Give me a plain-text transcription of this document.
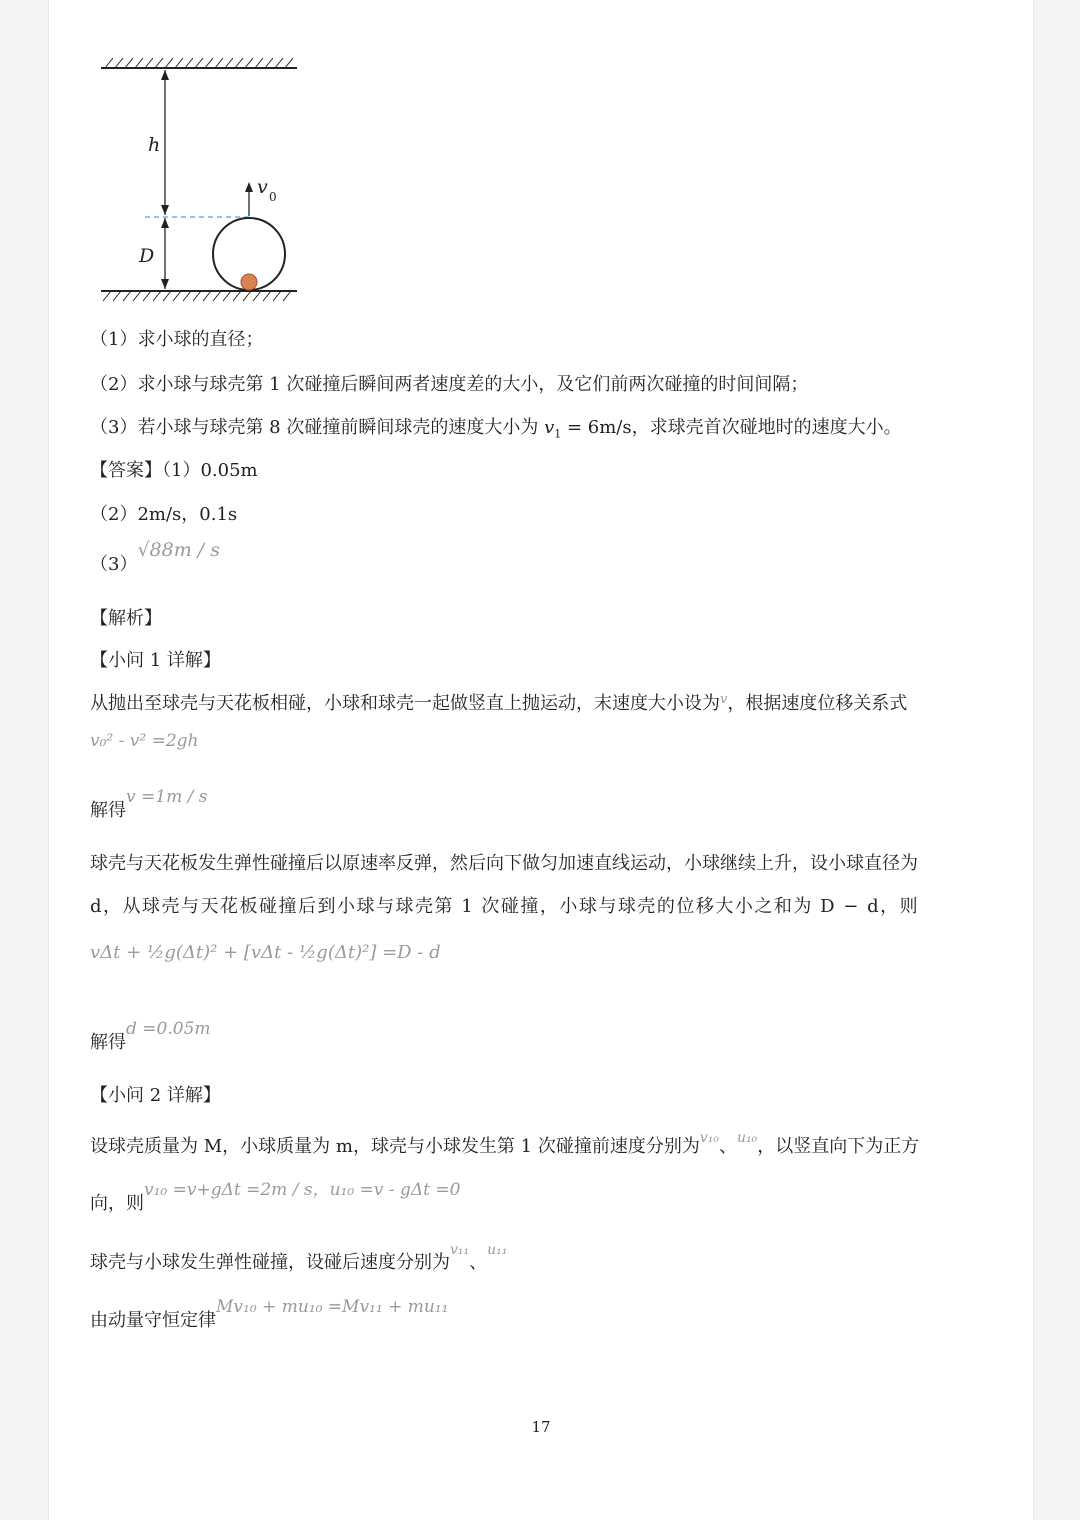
h
D
v 0
（1）求小球的直径；
（2）求小球与球壳第 1 次碰撞后瞬间两者速度差的大小，及它们前两次碰撞的时间间隔；
（3）若小球与球壳第 8 次碰撞前瞬间球壳的速度大小为 $v_1 = 6m/s$，求球壳首次碰地时的速度大小。
【答案】（1）0.05m
（2）2m/s，0.1s
（3）√88m / s
【解析】
【小问 1 详解】
从抛出至球壳与天花板相碰，小球和球壳一起做竖直上抛运动，末速度大小设为$^v$，根据速度位移关系式
v₀² - v² =2gh
解得v =1m / s
球壳与天花板发生弹性碰撞后以原速率反弹，然后向下做匀加速直线运动，小球继续上升，设小球直径为
d，从球壳与天花板碰撞后到小球与球壳第 1 次碰撞，小球与球壳的位移大小之和为 D − d，则
vΔt + ½g(Δt)² + [vΔt - ½g(Δt)²] =D - d
解得d =0.05m
【小问 2 详解】
设球壳质量为 M，小球质量为 m，球壳与小球发生第 1 次碰撞前速度分别为$^{v_{10}}$、$^{u_{10}}$，以竖直向下为正方
向，则v₁₀ =v+gΔt =2m / s，u₁₀ =v - gΔt =0
球壳与小球发生弹性碰撞，设碰后速度分别为$^{v_{11}}$、$^{u_{11}}$
由动量守恒定律Mv₁₀ + mu₁₀ =Mv₁₁ + mu₁₁
17
